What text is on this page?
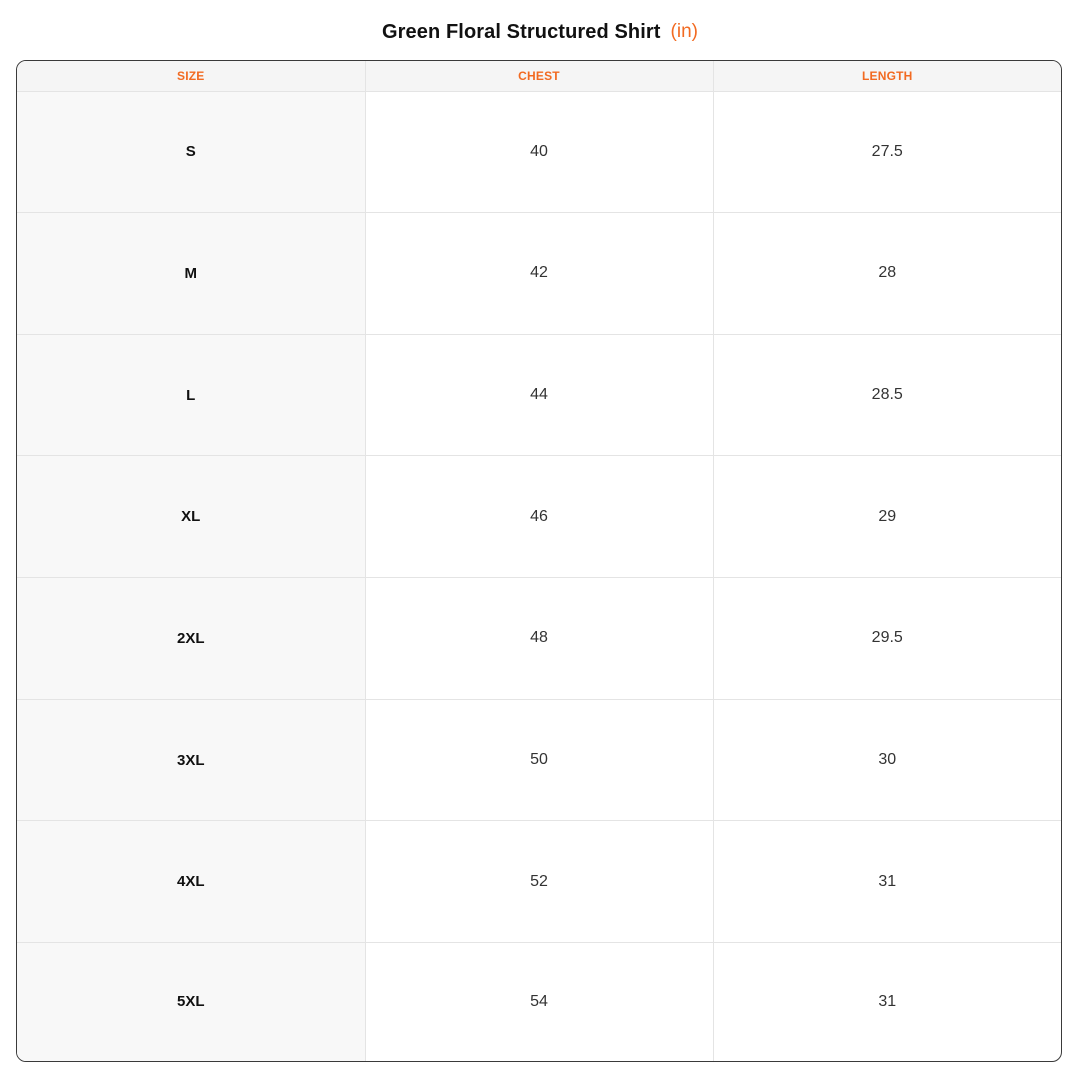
Green Floral Structured Shirt (in)
SIZE	CHEST	LENGTH
S	40	27.5
M	42	28
L	44	28.5
XL	46	29
2XL	48	29.5
3XL	50	30
4XL	52	31
5XL	54	31
